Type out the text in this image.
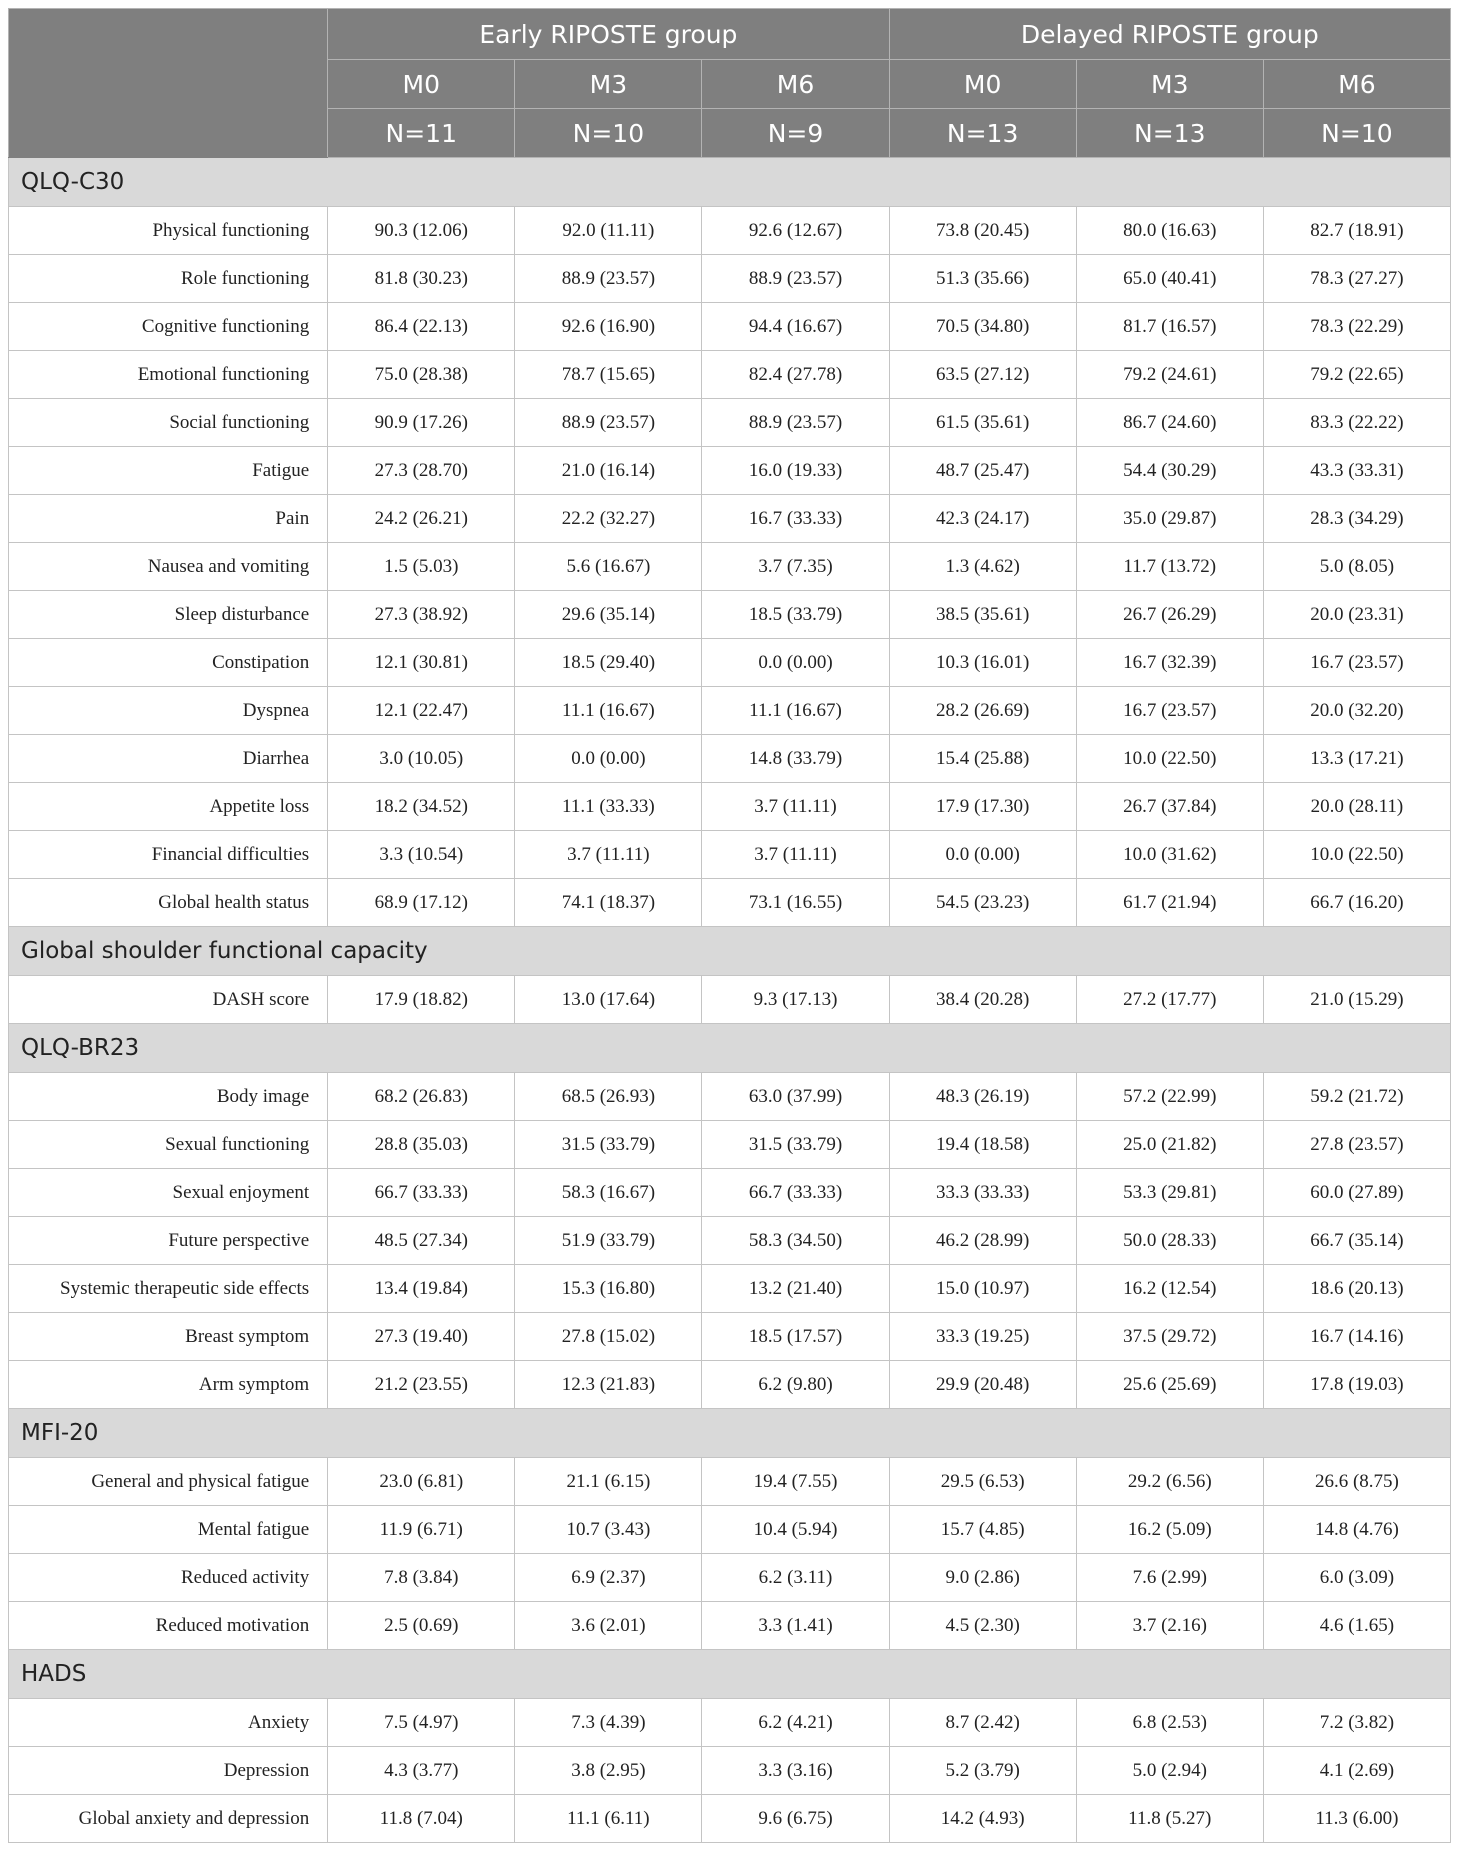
	Early RIPOSTE group			Delayed RIPOSTE group		
	M0	M3	M6	M0	M3	M6
	N=11	N=10	N=9	N=13	N=13	N=10
QLQ-C30						
Physical functioning	90.3 (12.06)	92.0 (11.11)	92.6 (12.67)	73.8 (20.45)	80.0 (16.63)	82.7 (18.91)
Role functioning	81.8 (30.23)	88.9 (23.57)	88.9 (23.57)	51.3 (35.66)	65.0 (40.41)	78.3 (27.27)
Cognitive functioning	86.4 (22.13)	92.6 (16.90)	94.4 (16.67)	70.5 (34.80)	81.7 (16.57)	78.3 (22.29)
Emotional functioning	75.0 (28.38)	78.7 (15.65)	82.4 (27.78)	63.5 (27.12)	79.2 (24.61)	79.2 (22.65)
Social functioning	90.9 (17.26)	88.9 (23.57)	88.9 (23.57)	61.5 (35.61)	86.7 (24.60)	83.3 (22.22)
Fatigue	27.3 (28.70)	21.0 (16.14)	16.0 (19.33)	48.7 (25.47)	54.4 (30.29)	43.3 (33.31)
Pain	24.2 (26.21)	22.2 (32.27)	16.7 (33.33)	42.3 (24.17)	35.0 (29.87)	28.3 (34.29)
Nausea and vomiting	1.5 (5.03)	5.6 (16.67)	3.7 (7.35)	1.3 (4.62)	11.7 (13.72)	5.0 (8.05)
Sleep disturbance	27.3 (38.92)	29.6 (35.14)	18.5 (33.79)	38.5 (35.61)	26.7 (26.29)	20.0 (23.31)
Constipation	12.1 (30.81)	18.5 (29.40)	0.0 (0.00)	10.3 (16.01)	16.7 (32.39)	16.7 (23.57)
Dyspnea	12.1 (22.47)	11.1 (16.67)	11.1 (16.67)	28.2 (26.69)	16.7 (23.57)	20.0 (32.20)
Diarrhea	3.0 (10.05)	0.0 (0.00)	14.8 (33.79)	15.4 (25.88)	10.0 (22.50)	13.3 (17.21)
Appetite loss	18.2 (34.52)	11.1 (33.33)	3.7 (11.11)	17.9 (17.30)	26.7 (37.84)	20.0 (28.11)
Financial difficulties	3.3 (10.54)	3.7 (11.11)	3.7 (11.11)	0.0 (0.00)	10.0 (31.62)	10.0 (22.50)
Global health status	68.9 (17.12)	74.1 (18.37)	73.1 (16.55)	54.5 (23.23)	61.7 (21.94)	66.7 (16.20)
Global shoulder functional capacity						
DASH score	17.9 (18.82)	13.0 (17.64)	9.3 (17.13)	38.4 (20.28)	27.2 (17.77)	21.0 (15.29)
QLQ-BR23						
Body image	68.2 (26.83)	68.5 (26.93)	63.0 (37.99)	48.3 (26.19)	57.2 (22.99)	59.2 (21.72)
Sexual functioning	28.8 (35.03)	31.5 (33.79)	31.5 (33.79)	19.4 (18.58)	25.0 (21.82)	27.8 (23.57)
Sexual enjoyment	66.7 (33.33)	58.3 (16.67)	66.7 (33.33)	33.3 (33.33)	53.3 (29.81)	60.0 (27.89)
Future perspective	48.5 (27.34)	51.9 (33.79)	58.3 (34.50)	46.2 (28.99)	50.0 (28.33)	66.7 (35.14)
Systemic therapeutic side effects	13.4 (19.84)	15.3 (16.80)	13.2 (21.40)	15.0 (10.97)	16.2 (12.54)	18.6 (20.13)
Breast symptom	27.3 (19.40)	27.8 (15.02)	18.5 (17.57)	33.3 (19.25)	37.5 (29.72)	16.7 (14.16)
Arm symptom	21.2 (23.55)	12.3 (21.83)	6.2 (9.80)	29.9 (20.48)	25.6 (25.69)	17.8 (19.03)
MFI-20						
General and physical fatigue	23.0 (6.81)	21.1 (6.15)	19.4 (7.55)	29.5 (6.53)	29.2 (6.56)	26.6 (8.75)
Mental fatigue	11.9 (6.71)	10.7 (3.43)	10.4 (5.94)	15.7 (4.85)	16.2 (5.09)	14.8 (4.76)
Reduced activity	7.8 (3.84)	6.9 (2.37)	6.2 (3.11)	9.0 (2.86)	7.6 (2.99)	6.0 (3.09)
Reduced motivation	2.5 (0.69)	3.6 (2.01)	3.3 (1.41)	4.5 (2.30)	3.7 (2.16)	4.6 (1.65)
HADS						
Anxiety	7.5 (4.97)	7.3 (4.39)	6.2 (4.21)	8.7 (2.42)	6.8 (2.53)	7.2 (3.82)
Depression	4.3 (3.77)	3.8 (2.95)	3.3 (3.16)	5.2 (3.79)	5.0 (2.94)	4.1 (2.69)
Global anxiety and depression	11.8 (7.04)	11.1 (6.11)	9.6 (6.75)	14.2 (4.93)	11.8 (5.27)	11.3 (6.00)
